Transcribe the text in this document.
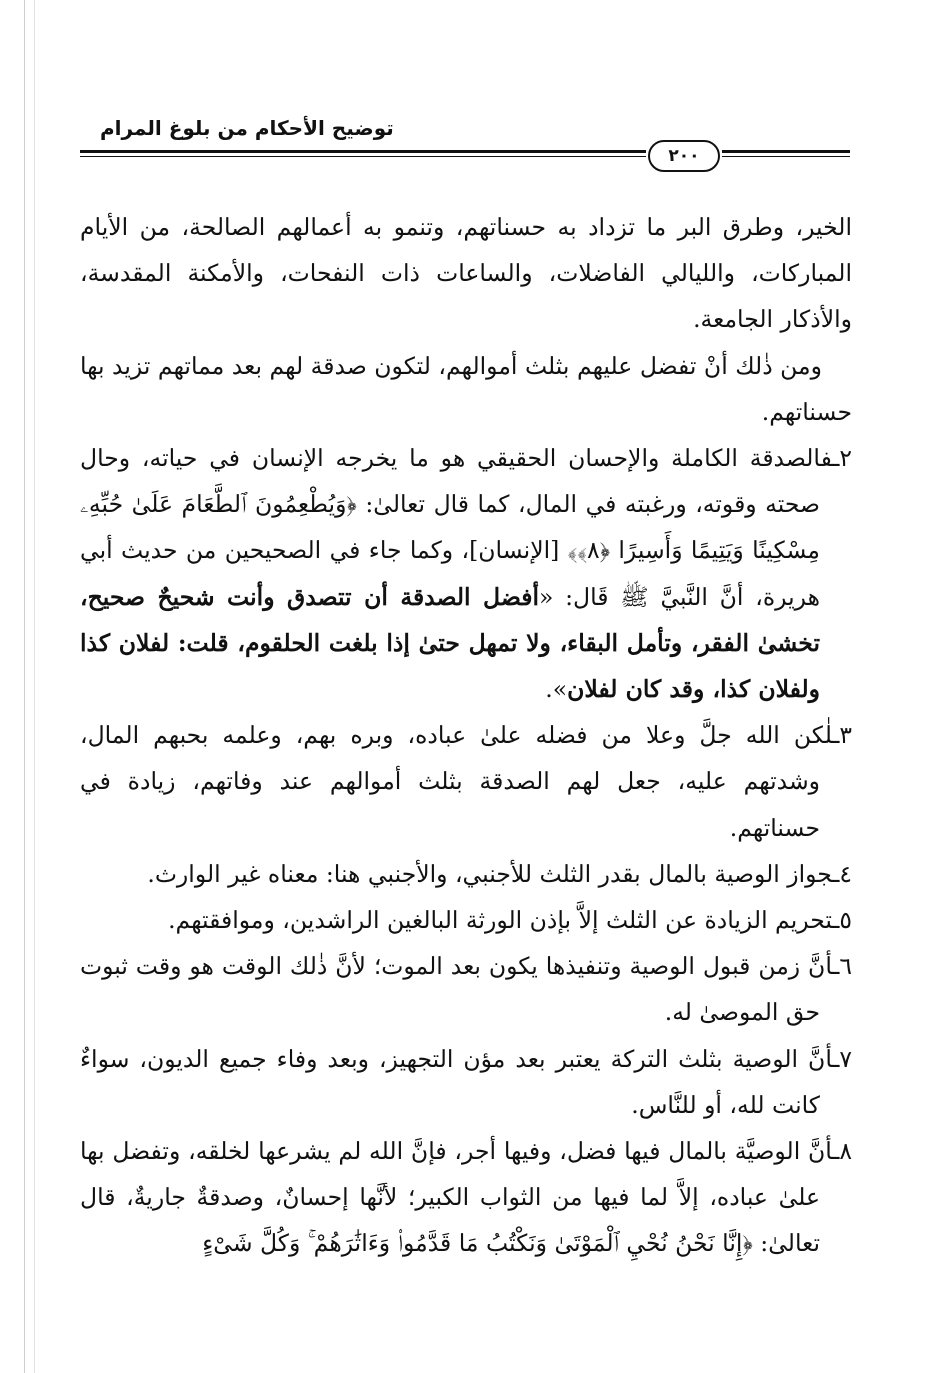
توضيح الأحكام من بلوغ المرام
٢٠٠

الخير، وطرق البر ما تزداد به حسناتهم، وتنمو به أعمالهم الصالحة، من الأيام المباركات، والليالي الفاضلات، والساعات ذات النفحات، والأمكنة المقدسة، والأذكار الجامعة.

ومن ذٰلك أنْ تفضل عليهم بثلث أموالهم، لتكون صدقة لهم بعد مماتهم تزيد بها حسناتهم.

٢ـفالصدقة الكاملة والإحسان الحقيقي هو ما يخرجه الإنسان في حياته، وحال صحته وقوته، ورغبته في المال، كما قال تعالىٰ: ﴿وَيُطْعِمُونَ ٱلطَّعَامَ عَلَىٰ حُبِّهِۦ مِسْكِينًا وَيَتِيمًا وَأَسِيرًا ﴿٨﴾﴾ [الإنسان]، وكما جاء في الصحيحين من حديث أبي هريرة، أنَّ النَّبيَّ ﷺ قَال: «أفضل الصدقة أن تتصدق وأنت شحيحٌ صحيح، تخشىٰ الفقر، وتأمل البقاء، ولا تمهل حتىٰ إذا بلغت الحلقوم، قلت: لفلان كذا ولفلان كذا، وقد كان لفلان».

٣ـلٰكن الله جلَّ وعلا من فضله علىٰ عباده، وبره بهم، وعلمه بحبهم المال، وشدتهم عليه، جعل لهم الصدقة بثلث أموالهم عند وفاتهم، زيادة في حسناتهم.

٤ـجواز الوصية بالمال بقدر الثلث للأجنبي، والأجنبي هنا: معناه غير الوارث.

٥ـتحريم الزيادة عن الثلث إلاَّ بإذن الورثة البالغين الراشدين، وموافقتهم.

٦ـأنَّ زمن قبول الوصية وتنفيذها يكون بعد الموت؛ لأنَّ ذٰلك الوقت هو وقت ثبوت حق الموصىٰ له.

٧ـأنَّ الوصية بثلث التركة يعتبر بعد مؤن التجهيز، وبعد وفاء جميع الديون، سواءٌ كانت لله، أو للنَّاس.

٨ـأنَّ الوصيَّة بالمال فيها فضل، وفيها أجر، فإنَّ الله لم يشرعها لخلقه، وتفضل بها علىٰ عباده، إلاَّ لما فيها من الثواب الكبير؛ لأنَّها إحسانٌ، وصدقةٌ جاريةٌ، قال تعالىٰ: ﴿إِنَّا نَحْنُ نُحْيِ ٱلْمَوْتَىٰ وَنَكْتُبُ مَا قَدَّمُوا۟ وَءَاثَٰرَهُمْ ۚ وَكُلَّ شَىْءٍ
